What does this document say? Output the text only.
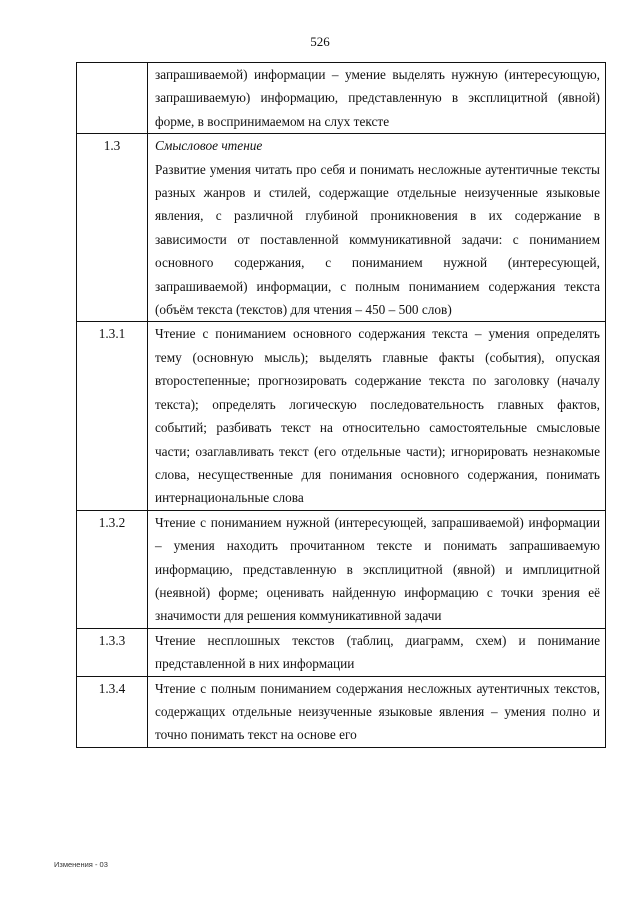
526

	запрашиваемой) информации – умение выделять нужную (интересующую, запрашиваемую) информацию, представленную в эксплицитной (явной) форме, в воспринимаемом на слух тексте

1.3	Смысловое чтение

Развитие умения читать про себя и понимать несложные аутентичные тексты разных жанров и стилей, содержащие отдельные неизученные языковые явления, с различной глубиной проникновения в их содержание в зависимости от поставленной коммуникативной задачи: с пониманием основного содержания, с пониманием нужной (интересующей, запрашиваемой) информации, с полным пониманием содержания текста (объём текста (текстов) для чтения – 450 – 500 слов)

1.3.1	Чтение с пониманием основного содержания текста – умения определять тему (основную мысль); выделять главные факты (события), опуская второстепенные; прогнозировать содержание текста по заголовку (началу текста); определять логическую последовательность главных фактов, событий; разбивать текст на относительно самостоятельные смысловые части; озаглавливать текст (его отдельные части); игнорировать незнакомые слова, несущественные для понимания основного содержания, понимать интернациональные слова

1.3.2	Чтение с пониманием нужной (интересующей, запрашиваемой) информации – умения находить прочитанном тексте и понимать запрашиваемую информацию, представленную в эксплицитной (явной) и имплицитной (неявной) форме; оценивать найденную информацию с точки зрения её значимости для решения коммуникативной задачи

1.3.3	Чтение несплошных текстов (таблиц, диаграмм, схем) и понимание представленной в них информации

1.3.4	Чтение с полным пониманием содержания несложных аутентичных текстов, содержащих отдельные неизученные языковые явления – умения полно и точно понимать текст на основе его

Изменения - 03
